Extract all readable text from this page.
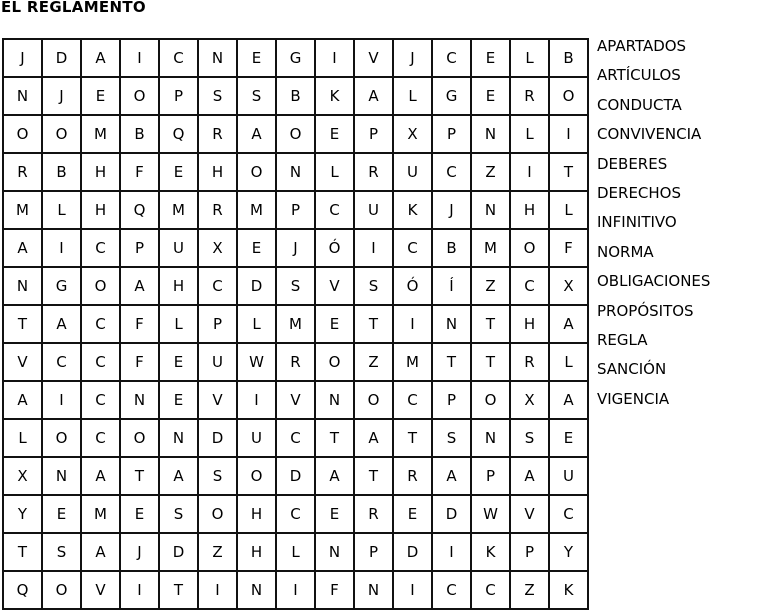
EL REGLAMENTO
J	D	A	I	C	N	E	G	I	V	J	C	E	L	B
N	J	E	O	P	S	S	B	K	A	L	G	E	R	O
O	O	M	B	Q	R	A	O	E	P	X	P	N	L	I
R	B	H	F	E	H	O	N	L	R	U	C	Z	I	T
M	L	H	Q	M	R	M	P	C	U	K	J	N	H	L
A	I	C	P	U	X	E	J	Ó	I	C	B	M	O	F
N	G	O	A	H	C	D	S	V	S	Ó	Í	Z	C	X
T	A	C	F	L	P	L	M	E	T	I	N	T	H	A
V	C	C	F	E	U	W	R	O	Z	M	T	T	R	L
A	I	C	N	E	V	I	V	N	O	C	P	O	X	A
L	O	C	O	N	D	U	C	T	A	T	S	N	S	E
X	N	A	T	A	S	O	D	A	T	R	A	P	A	U
Y	E	M	E	S	O	H	C	E	R	E	D	W	V	C
T	S	A	J	D	Z	H	L	N	P	D	I	K	P	Y
Q	O	V	I	T	I	N	I	F	N	I	C	C	Z	K
APARTADOS
ARTÍCULOS
CONDUCTA
CONVIVENCIA
DEBERES
DERECHOS
INFINITIVO
NORMA
OBLIGACIONES
PROPÓSITOS
REGLA
SANCIÓN
VIGENCIA
